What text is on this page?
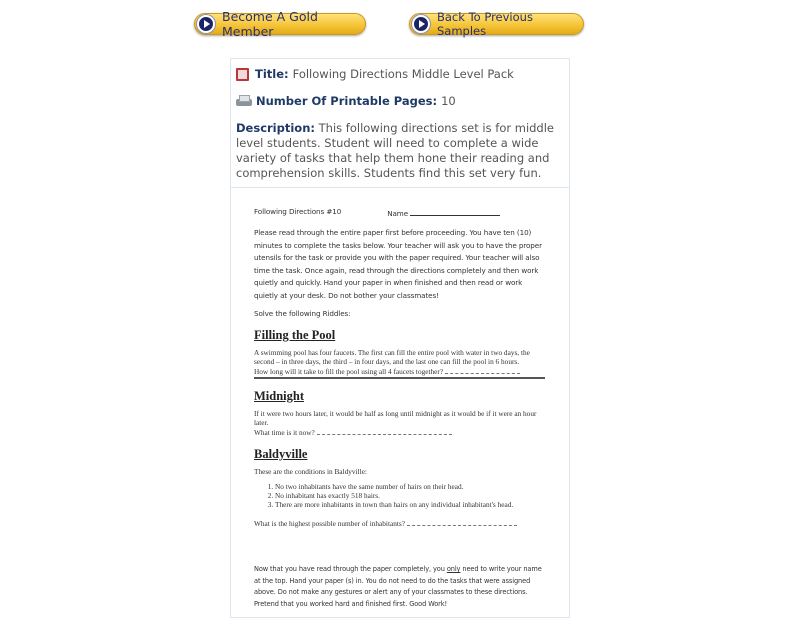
Become A Gold Member
Back To Previous Samples
Title: Following Directions Middle Level Pack
Number Of Printable Pages: 10
Description: This following directions set is for middle level students. Student will need to complete a wide variety of tasks that help them hone their reading and comprehension skills. Students find this set very fun.
Following Directions #10	Name
Please read through the entire paper first before proceeding. You have ten (10) minutes to complete the tasks below. Your teacher will ask you to have the proper utensils for the task or provide you with the paper required. Your teacher will also time the task. Once again, read through the directions completely and then work quietly and quickly. Hand your paper in when finished and then read or work quietly at your desk. Do not bother your classmates!
Solve the following Riddles:
Filling the Pool
A swimming pool has four faucets. The first can fill the entire pool with water in two days, the second – in three days, the third – in four days, and the last one can fill the pool in 6 hours.
How long will it take to fill the pool using all 4 faucets together?
Midnight
If it were two hours later, it would be half as long until midnight as it would be if it were an hour later.
What time is it now?
Baldyville
These are the conditions in Baldyville:
1. No two inhabitants have the same number of hairs on their head.
2. No inhabitant has exactly 518 hairs.
3. There are more inhabitants in town than hairs on any individual inhabitant's head.
What is the highest possible number of inhabitants?
Now that you have read through the paper completely, you only need to write your name at the top. Hand your paper (s) in. You do not need to do the tasks that were assigned above. Do not make any gestures or alert any of your classmates to these directions. Pretend that you worked hard and finished first. Good Work!
